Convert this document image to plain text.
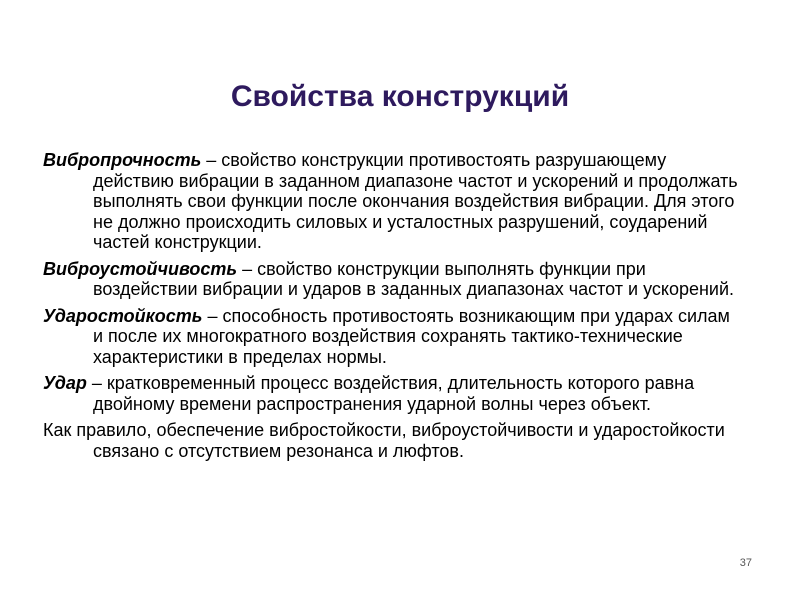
Свойства конструкций

Вибропрочность – свойство конструкции противостоять разрушающему действию вибрации в заданном диапазоне частот и ускорений и продолжать выполнять свои функции после окончания воздействия вибрации. Для этого не должно происходить силовых и усталостных разрушений, соударений частей конструкции.

Виброустойчивость – свойство конструкции выполнять функции при воздействии вибрации и ударов в заданных диапазонах частот и ускорений.

Ударостойкость – способность противостоять возникающим при ударах силам и после их многократного воздействия сохранять тактико-технические характеристики в пределах нормы.

Удар – кратковременный процесс воздействия, длительность которого равна двойному времени распространения ударной волны через объект.

Как правило, обеспечение вибростойкости, виброустойчивости и ударостойкости связано с отсутствием резонанса и люфтов.

37
